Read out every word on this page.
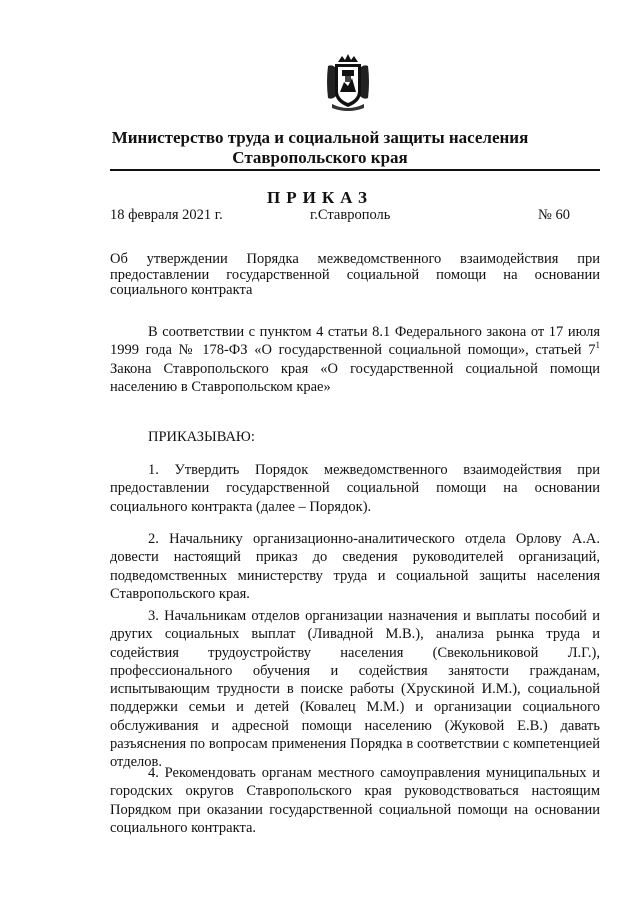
Министерство труда и социальной защиты населения
Ставропольского края
ПРИКАЗ
18 февраля 2021 г.	г.Ставрополь	№ 60
Об утверждении Порядка межведомственного взаимодействия при предоставлении государственной социальной помощи на основании социального контракта
В соответствии с пунктом 4 статьи 8.1 Федерального закона от 17 июля 1999 года № 178-ФЗ «О государственной социальной помощи», статьей $7^1$ Закона Ставропольского края «О государственной социальной помощи населению в Ставропольском крае»
ПРИКАЗЫВАЮ:
1. Утвердить Порядок межведомственного взаимодействия при предоставлении государственной социальной помощи на основании социального контракта (далее – Порядок).
2. Начальнику организационно-аналитического отдела Орлову А.А. довести настоящий приказ до сведения руководителей организаций, подведомственных министерству труда и социальной защиты населения Ставропольского края.
3. Начальникам отделов организации назначения и выплаты пособий и других социальных выплат (Ливадной М.В.), анализа рынка труда и содействия трудоустройству населения (Свекольниковой Л.Г.), профессионального обучения и содействия занятости гражданам, испытывающим трудности в поиске работы (Хрускиной И.М.), социальной поддержки семьи и детей (Ковалец М.М.) и организации социального обслуживания и адресной помощи населению (Жуковой Е.В.) давать разъяснения по вопросам применения Порядка в соответствии с компетенцией отделов.
4. Рекомендовать органам местного самоуправления муниципальных и городских округов Ставропольского края руководствоваться настоящим Порядком при оказании государственной социальной помощи на основании социального контракта.
